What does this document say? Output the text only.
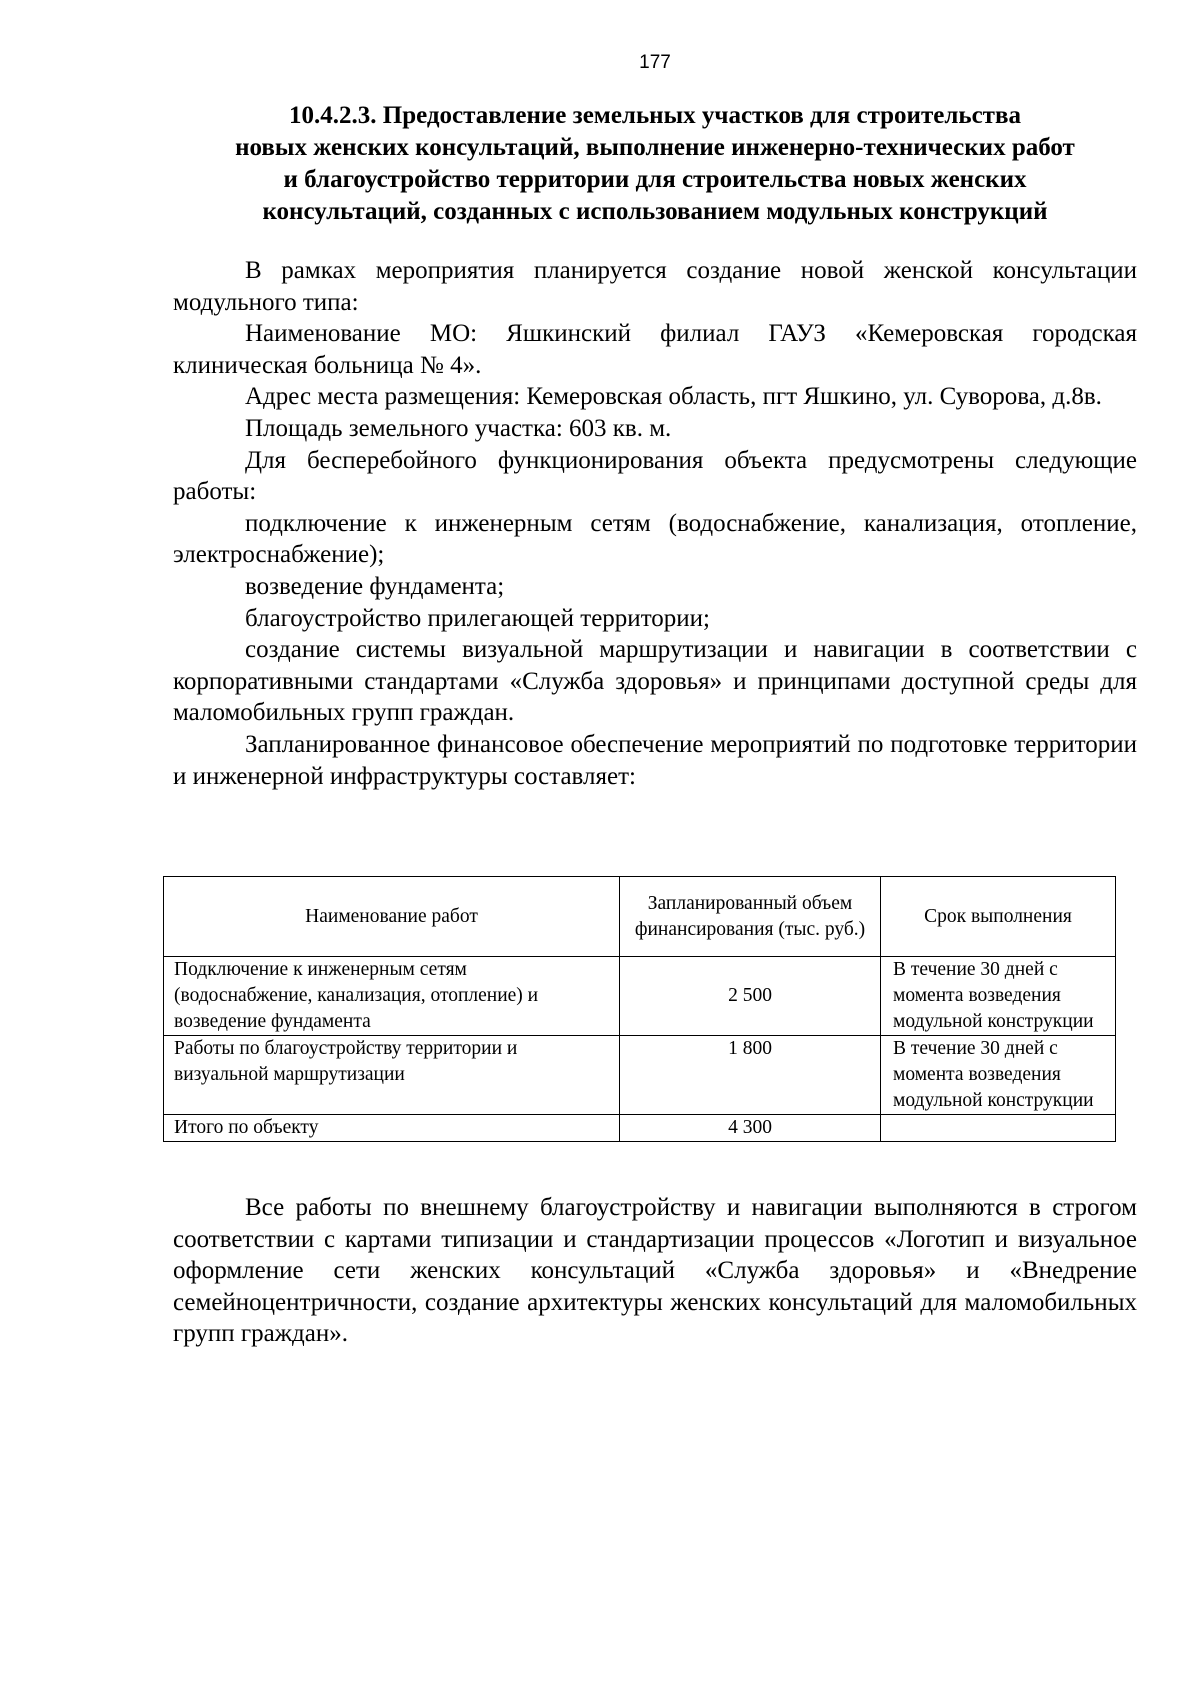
177
10.4.2.3. Предоставление земельных участков для строительства
новых женских консультаций, выполнение инженерно-технических работ
и благоустройство территории для строительства новых женских
консультаций, созданных с использованием модульных конструкций

В рамках мероприятия планируется создание новой женской консультации модульного типа:

Наименование МО: Яшкинский филиал ГАУЗ «Кемеровская городская клиническая больница № 4».

Адрес места размещения: Кемеровская область, пгт Яшкино, ул. Суворова, д.8в.

Площадь земельного участка: 603 кв. м.

Для бесперебойного функционирования объекта предусмотрены следующие работы:

подключение к инженерным сетям (водоснабжение, канализация, отопление, электроснабжение);

возведение фундамента;

благоустройство прилегающей территории;

создание системы визуальной маршрутизации и навигации в соответствии с корпоративными стандартами «Служба здоровья» и принципами доступной среды для маломобильных групп граждан.

Запланированное финансовое обеспечение мероприятий по подготовке территории и инженерной инфраструктуры составляет:

Наименование работ	Запланированный объем финансирования (тыс. руб.)	Срок выполнения
Подключение к инженерным сетям (водоснабжение, канализация, отопление) и возведение фундамента	2 500	В течение 30 дней с момента возведения модульной конструкции
Работы по благоустройству территории и визуальной маршрутизации	1 800	В течение 30 дней с момента возведения модульной конструкции
Итого по объекту	4 300	

Все работы по внешнему благоустройству и навигации выполняются в строгом соответствии с картами типизации и стандартизации процессов «Логотип и визуальное оформление сети женских консультаций «Служба здоровья» и «Внедрение семейноцентричности, создание архитектуры женских консультаций для маломобильных групп граждан».
